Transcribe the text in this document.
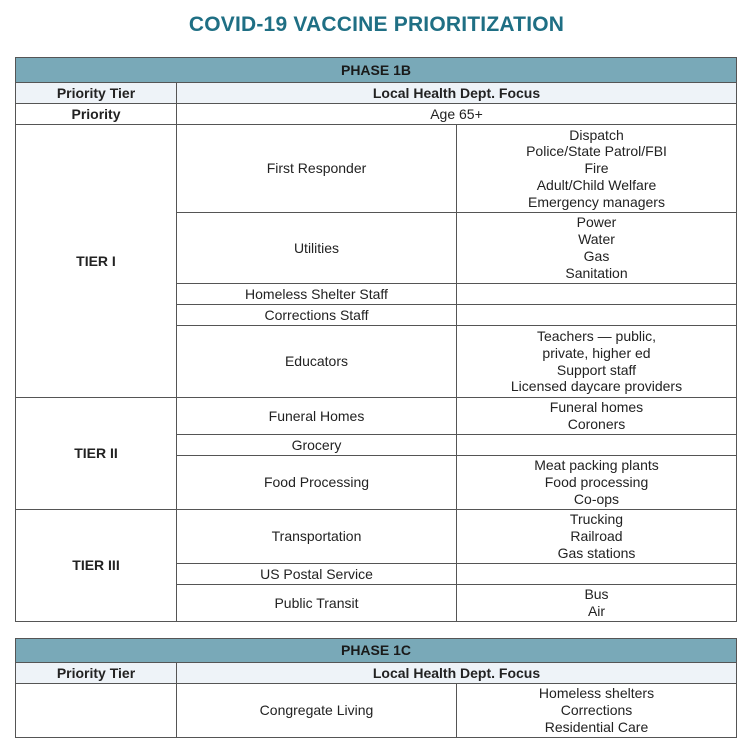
COVID-19 VACCINE PRIORITIZATION
PHASE 1B		
Priority Tier	Local Health Dept. Focus	
Priority	Age 65+	
TIER I	First Responder	Dispatch
Police/State Patrol/FBI
Fire
Adult/Child Welfare
Emergency managers

	Utilities	Power
Water
Gas
Sanitation

	Homeless Shelter Staff	
	Corrections Staff	
	Educators	Teachers — public,
private, higher ed
Support staff
Licensed daycare providers

TIER II	Funeral Homes	Funeral homes
Coroners

	Grocery	
	Food Processing	Meat packing plants
Food processing
Co-ops

TIER III	Transportation	Trucking
Railroad
Gas stations

	US Postal Service	
	Public Transit	Bus
Air
PHASE 1C		
Priority Tier	Local Health Dept. Focus	
	Congregate Living	Homeless shelters
Corrections
Residential Care
